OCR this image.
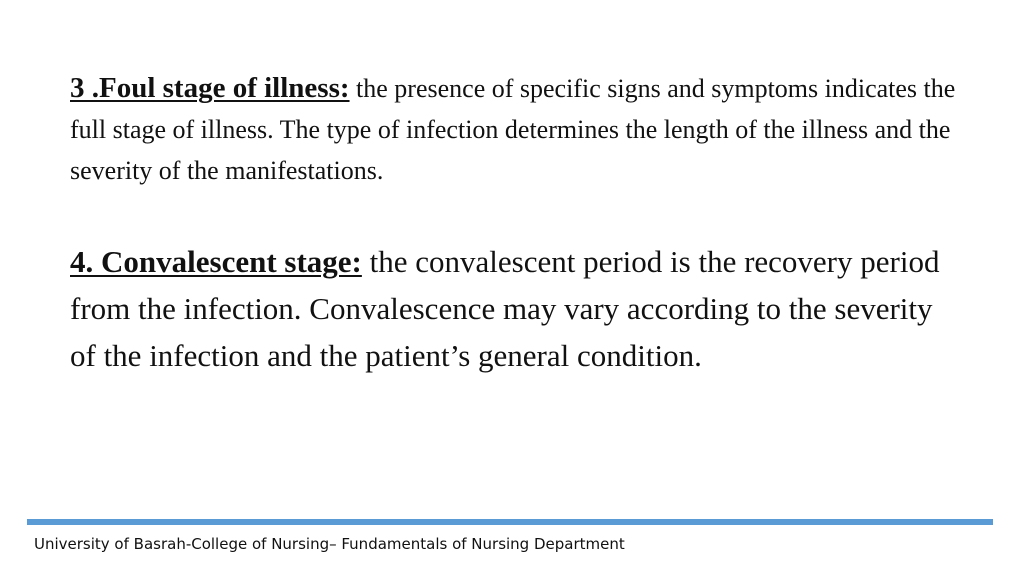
3 .Foul stage of illness: the presence of specific signs and symptoms indicates the full stage of illness. The type of infection determines the length of the illness and the severity of the manifestations.

4. Convalescent stage: the convalescent period is the recovery period from the infection. Convalescence may vary according to the severity of the infection and the patient’s general condition.

University of Basrah-College of Nursing– Fundamentals of Nursing Department
